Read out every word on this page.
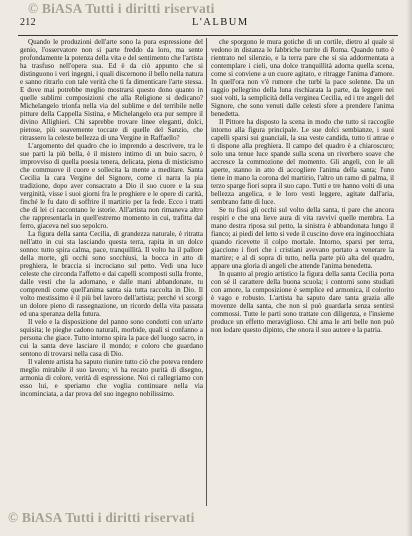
© BiASA Tutti i diritti riservati
212	L'ALBUM

Quando le produzioni dell'arte sono la pura espressione del genio, l'osservatore non si parte freddo da loro, ma sente profondamente la potenza della vita e del sentimento che l'artista ha trasfuso nell'opera sua. Ed è da ciò appunto che si distinguono i veri ingegni, i quali discernono il bello nella natura e sanno ritrarlo con tale verità che ti fa dimenticare l'arte stessa. E dove mai potrebbe meglio mostrarsi questo dono quanto in quelle sublimi composizioni che alla Religione si dedicano? Michelangelo trionfa nella via del sublime e del terribile nelle pitture della Cappella Sistina, e Michelangelo era pur sempre il divino Allighieri. Chi saprebbe trovare linee eleganti, dolci, pietose, più soavemente toccate di quelle del Sanzio, che ritrassero la celeste bellezza di una Vergine in Raffaello?

L'argomento del quadro che io imprendo a descrivere, tra le sue parti la più bella, è il mistero intimo di un buio sacro, è improvviso di quella poesia tenera, delicata, piena di misticismo che commuove il cuore e sollecita la mente a meditare. Santa Cecilia la cara Vergine del Signore, come ci narra la pia tradizione, dopo aver consacrato a Dio il suo cuore e la sua verginità, visse i suoi giorni fra le preghiere e le opere di carità, finché le fu dato di soffrire il martirio per la fede. Ecco i tratti che di lei ci raccontano le istorie. All'artista non rimaneva altro che rappresentarla in quell'estremo momento in cui, trafitta dal ferro, giaceva nel suo sepolcro.

La figura della santa Cecilia, di grandezza naturale, è ritratta nell'atto in cui sta lasciando questa terra, rapita in un dolce sonno: tutto spira calma, pace, tranquillità. Il volto ha il pallore della morte, gli occhi sono socchiusi, la bocca in atto di preghiera, le braccia si incrociano sul petto. Vedi una luce celeste che circonda l'affetto e dai capelli scomposti sulla fronte, dalle vesti che la adornano, e dalle mani abbandonate, tu comprendi come quell'anima santa sia tutta raccolta in Dio. Il volto mestissimo è il più bel lavoro dell'artista; perché vi scorgi un dolore pieno di rassegnazione, un ricordo della vita passata ed una speranza della futura.

Il velo e la disposizione del panno sono condotti con un'arte squisita; le pieghe cadono naturali, morbide, quali si confanno a persona che giace. Tutto intorno spira la pace del luogo sacro, in cui la santa deve lasciare il mondo; e coloro che guardano sentono di trovarsi nella casa di Dio.

Il valente artista ha saputo riunire tutto ciò che poteva rendere meglio mirabile il suo lavoro; vi ha recato purità di disegno, armonia di colore, verità di espressione. Noi ci rallegriamo con esso lui, e speriamo che voglia continuare nella via incominciata, a dar prova del suo ingegno nobilissimo.

che sporgono le mura gotiche di un cortile, dietro al quale si vedono in distanza le fabbriche turrite di Roma. Quando tutto è rientrato nel silenzio, e la terra pare che si sia addormentata a contemplare i cieli, una dolce tranquillità adorna quella scena, come si conviene a un cuore agitato, e ritragge l'anima d'amore. In quell'ora non v'è rumore che turbi la pace solenne. Da un raggio pellegrino della luna rischiarata la parte, da leggere nei suoi volti, la semplicità della verginea Cecilia, ed i tre angeli del Signore, che sono venuti dalle celesti sfere a prendere l'anima benedetta.

Il Pittore ha disposto la scena in modo che tutto si raccoglie intorno alla figura principale. Le sue dolci sembianze, i suoi capelli sparsi sui guanciali, la sua veste candida, tutto ti attrae e ti dispone alla preghiera. Il campo del quadro è a chiaroscuro; solo una tenue luce spande sulla scena un riverbero soave che accresce la commozione del momento. Gli angeli, con le ali aperte, stanno in atto di accogliere l'anima della santa; l'uno tiene in mano la corona del martirio, l'altro un ramo di palma, il terzo sparge fiori sopra il suo capo. Tutti e tre hanno volti di una bellezza angelica, e le loro vesti leggere, agitate dall'aria, sembrano fatte di luce.

Se tu fissi gli occhi sul volto della santa, ti pare che ancora respiri e che una lieve aura di vita ravvivi quelle membra. La mano destra riposa sul petto, la sinistra è abbandonata lungo il fianco; ai piedi del letto si vede il cuscino dove era inginocchiata quando ricevette il colpo mortale. Intorno, sparsi per terra, giacciono i fiori che i cristiani avevano portato a venerare la martire; e al di sopra di tutto, nella parte più alta del quadro, appare una gloria di angeli che attende l'anima benedetta.

In quanto al pregio artistico la figura della santa Cecilia porta con sé il carattere della buona scuola; i contorni sono studiati con amore, la composizione è semplice ed armonica, il colorito è vago e robusto. L'artista ha saputo dare tanta grazia alle movenze della santa, che non si può guardarla senza sentirsi commossi. Tutte le parti sono trattate con diligenza, e l'insieme produce un effetto meraviglioso. Chi ama le arti belle non può non lodare questo dipinto, che onora il suo autore e la patria.

© BiASA Tutti i diritti riservati
